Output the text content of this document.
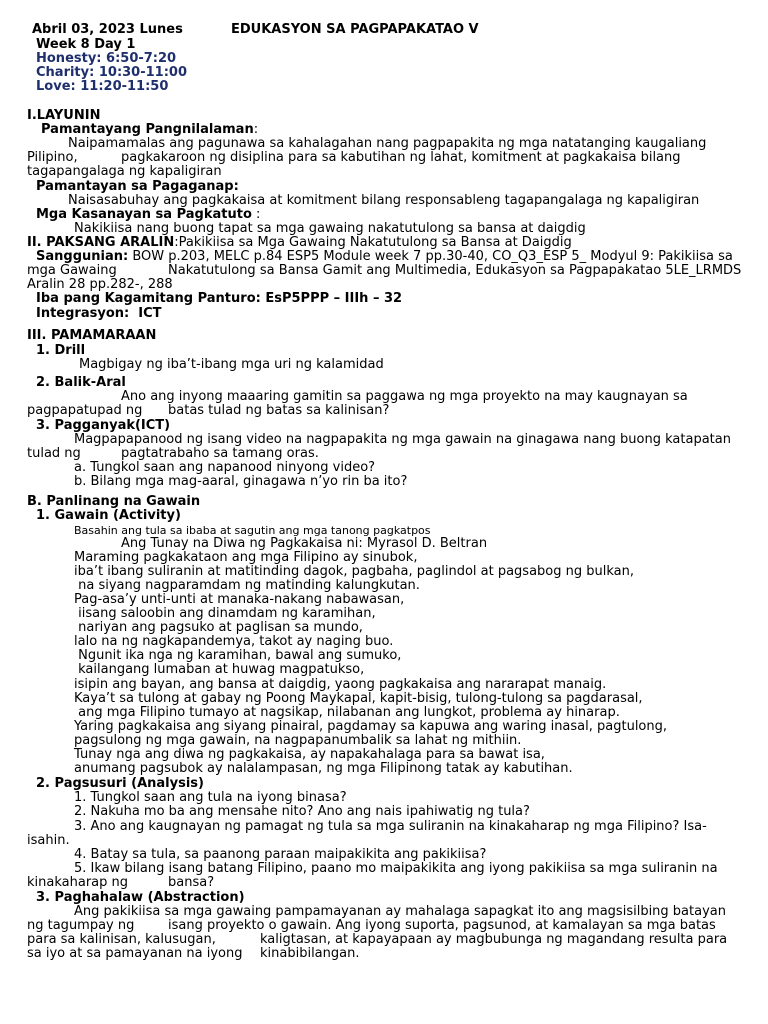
Abril 03, 2023 Lunes	EDUKASYON SA PAGPAPAKATAO V
Week 8 Day 1
Honesty: 6:50-7:20
Charity: 10:30-11:00
Love: 11:20-11:50
I.LAYUNIN
Pamantayang Pangnilalaman:
Naipamamalas ang pagunawa sa kahalagahan nang pagpapakita ng mga natatanging kaugaliang
Pilipino,	pagkakaroon ng disiplina para sa kabutihan ng lahat, komitment at pagkakaisa bilang
tagapangalaga ng kapaligiran
Pamantayan sa Pagaganap:
Naisasabuhay ang pagkakaisa at komitment bilang responsableng tagapangalaga ng kapaligiran
Mga Kasanayan sa Pagkatuto :
Nakikiisa nang buong tapat sa mga gawaing nakatutulong sa bansa at daigdig
II. PAKSANG ARALIN:Pakikiisa sa Mga Gawaing Nakatutulong sa Bansa at Daigdig
Sanggunian: BOW p.203, MELC p.84 ESP5 Module week 7 pp.30-40, CO_Q3_ESP 5_ Modyul 9: Pakikiisa sa
mga Gawaing	Nakatutulong sa Bansa Gamit ang Multimedia, Edukasyon sa Pagpapakatao 5LE_LRMDS
Aralin 28 pp.282-, 288
Iba pang Kagamitang Panturo: EsP5PPP – IIIh – 32
Integrasyon:  ICT
III. PAMAMARAAN
1. Drill
Magbigay ng iba’t-ibang mga uri ng kalamidad
2. Balik-Aral
Ano ang inyong maaaring gamitin sa paggawa ng mga proyekto na may kaugnayan sa
pagpapatupad ng batas tulad ng batas sa kalinisan?
3. Pagganyak(ICT)
Magpapapanood ng isang video na nagpapakita ng mga gawain na ginagawa nang buong katapatan
tulad ng	pagtatrabaho sa tamang oras.
a. Tungkol saan ang napanood ninyong video?
b. Bilang mga mag-aaral, ginagawa n’yo rin ba ito?
B. Panlinang na Gawain
1. Gawain (Activity)
Basahin ang tula sa ibaba at sagutin ang mga tanong pagkatpos
Ang Tunay na Diwa ng Pagkakaisa ni: Myrasol D. Beltran
Maraming pagkakataon ang mga Filipino ay sinubok,
iba’t ibang suliranin at matitinding dagok, pagbaha, paglindol at pagsabog ng bulkan,
na siyang nagparamdam ng matinding kalungkutan.
Pag-asa’y unti-unti at manaka-nakang nabawasan,
iisang saloobin ang dinamdam ng karamihan,
nariyan ang pagsuko at paglisan sa mundo,
lalo na ng nagkapandemya, takot ay naging buo.
Ngunit ika nga ng karamihan, bawal ang sumuko,
kailangang lumaban at huwag magpatukso,
isipin ang bayan, ang bansa at daigdig, yaong pagkakaisa ang nararapat manaig.
Kaya’t sa tulong at gabay ng Poong Maykapal, kapit-bisig, tulong-tulong sa pagdarasal,
ang mga Filipino tumayo at nagsikap, nilabanan ang lungkot, problema ay hinarap.
Yaring pagkakaisa ang siyang pinairal, pagdamay sa kapuwa ang waring inasal, pagtulong,
pagsulong ng mga gawain, na nagpapanumbalik sa lahat ng mithiin.
Tunay nga ang diwa ng pagkakaisa, ay napakahalaga para sa bawat isa,
anumang pagsubok ay nalalampasan, ng mga Filipinong tatak ay kabutihan.
2. Pagsusuri (Analysis)
1. Tungkol saan ang tula na iyong binasa?
2. Nakuha mo ba ang mensahe nito? Ano ang nais ipahiwatig ng tula?
3. Ano ang kaugnayan ng pamagat ng tula sa mga suliranin na kinakaharap ng mga Filipino? Isa-
isahin.
4. Batay sa tula, sa paanong paraan maipakikita ang pakikiisa?
5. Ikaw bilang isang batang Filipino, paano mo maipakikita ang iyong pakikiisa sa mga suliranin na
kinakaharap ng	bansa?
3. Paghahalaw (Abstraction)
Ang pakikiisa sa mga gawaing pampamayanan ay mahalaga sapagkat ito ang magsisilbing batayan
ng tagumpay ng	isang proyekto o gawain. Ang iyong suporta, pagsunod, at kamalayan sa mga batas
para sa kalinisan, kalusugan,	kaligtasan, at kapayapaan ay magbubunga ng magandang resulta para
sa iyo at sa pamayanan na iyong kinabibilangan.
